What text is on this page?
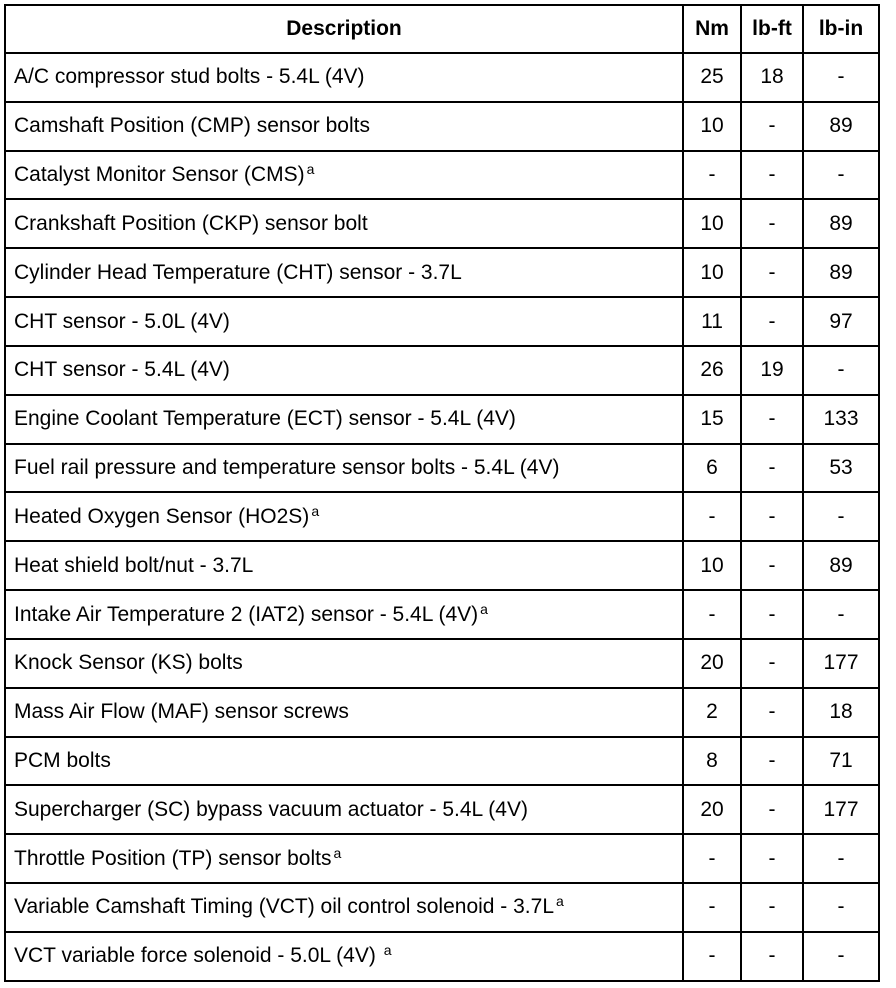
Description	Nm	lb-ft	lb-in
A/C compressor stud bolts - 5.4L (4V)	25	18	-
Camshaft Position (CMP) sensor bolts	10	-	89
Catalyst Monitor Sensor (CMS) $^a$	-	-	-
Crankshaft Position (CKP) sensor bolt	10	-	89
Cylinder Head Temperature (CHT) sensor - 3.7L	10	-	89
CHT sensor - 5.0L (4V)	11	-	97
CHT sensor - 5.4L (4V)	26	19	-
Engine Coolant Temperature (ECT) sensor - 5.4L (4V)	15	-	133
Fuel rail pressure and temperature sensor bolts - 5.4L (4V)	6	-	53
Heated Oxygen Sensor (HO2S) $^a$	-	-	-
Heat shield bolt/nut - 3.7L	10	-	89
Intake Air Temperature 2 (IAT2) sensor - 5.4L (4V) $^a$	-	-	-
Knock Sensor (KS) bolts	20	-	177
Mass Air Flow (MAF) sensor screws	2	-	18
PCM bolts	8	-	71
Supercharger (SC) bypass vacuum actuator - 5.4L (4V)	20	-	177
Throttle Position (TP) sensor bolts $^a$	-	-	-
Variable Camshaft Timing (VCT) oil control solenoid - 3.7L $^a$	-	-	-
VCT variable force solenoid - 5.0L (4V) $^a$	-	-	-
